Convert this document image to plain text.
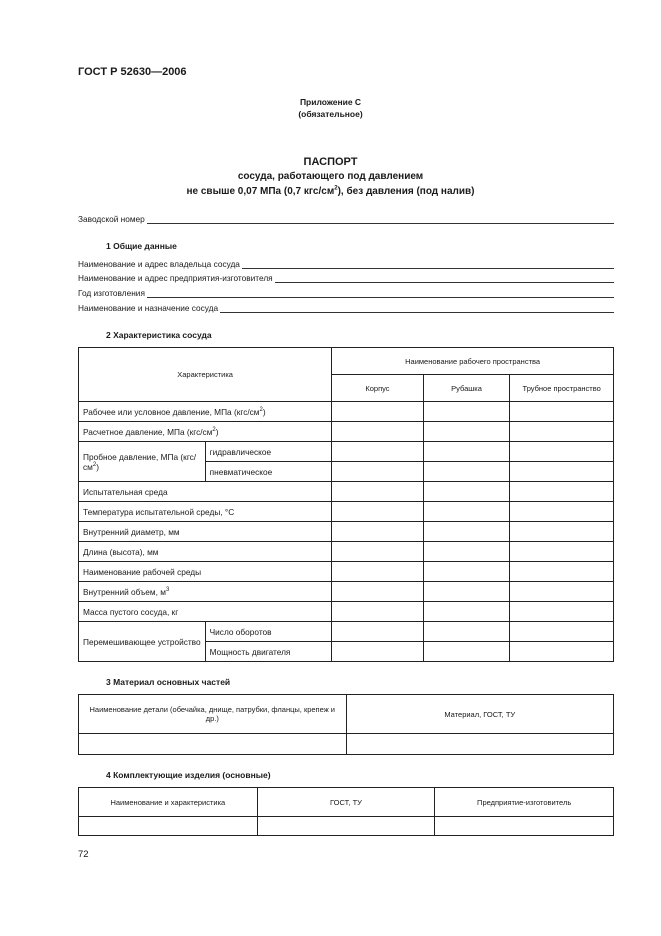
ГОСТ Р 52630—2006
Приложение С
(обязательное)
ПАСПОРТ
сосуда, работающего под давлением
не свыше 0,07 МПа (0,7 кгс/$см^2$), без давления (под налив)
Заводской номер
1 Общие данные
Наименование и адрес владельца сосуда
Наименование и адрес предприятия-изготовителя
Год изготовления
Наименование и назначение сосуда
2 Характеристика сосуда
Характеристика		Наименование рабочего пространства		
		Корпус	Рубашка	Трубное пространство
Рабочее или условное давление, МПа $(кгс/см^2)$				
Расчетное давление, МПа $(кгс/см^2)$				
Пробное давление, МПа $(кгс/см^2)$	гидравлическое			
	пневматическое			
Испытательная среда				
Температура испытательной среды, °С				
Внутренний диаметр, мм				
Длина (высота), мм				
Наименование рабочей среды				
Внутренний объем, $м^3$			
Масса пустого сосуда, кг				
Перемешивающее устройство	Число оборотов			
	Мощность двигателя			
3 Материал основных частей
Наименование детали (обечайка, днище, патрубки, фланцы, крепеж и др.)	Материал, ГОСТ, ТУ

4 Комплектующие изделия (основные)
Наименование и характеристика	ГОСТ, ТУ	Предприятие-изготовитель

72
